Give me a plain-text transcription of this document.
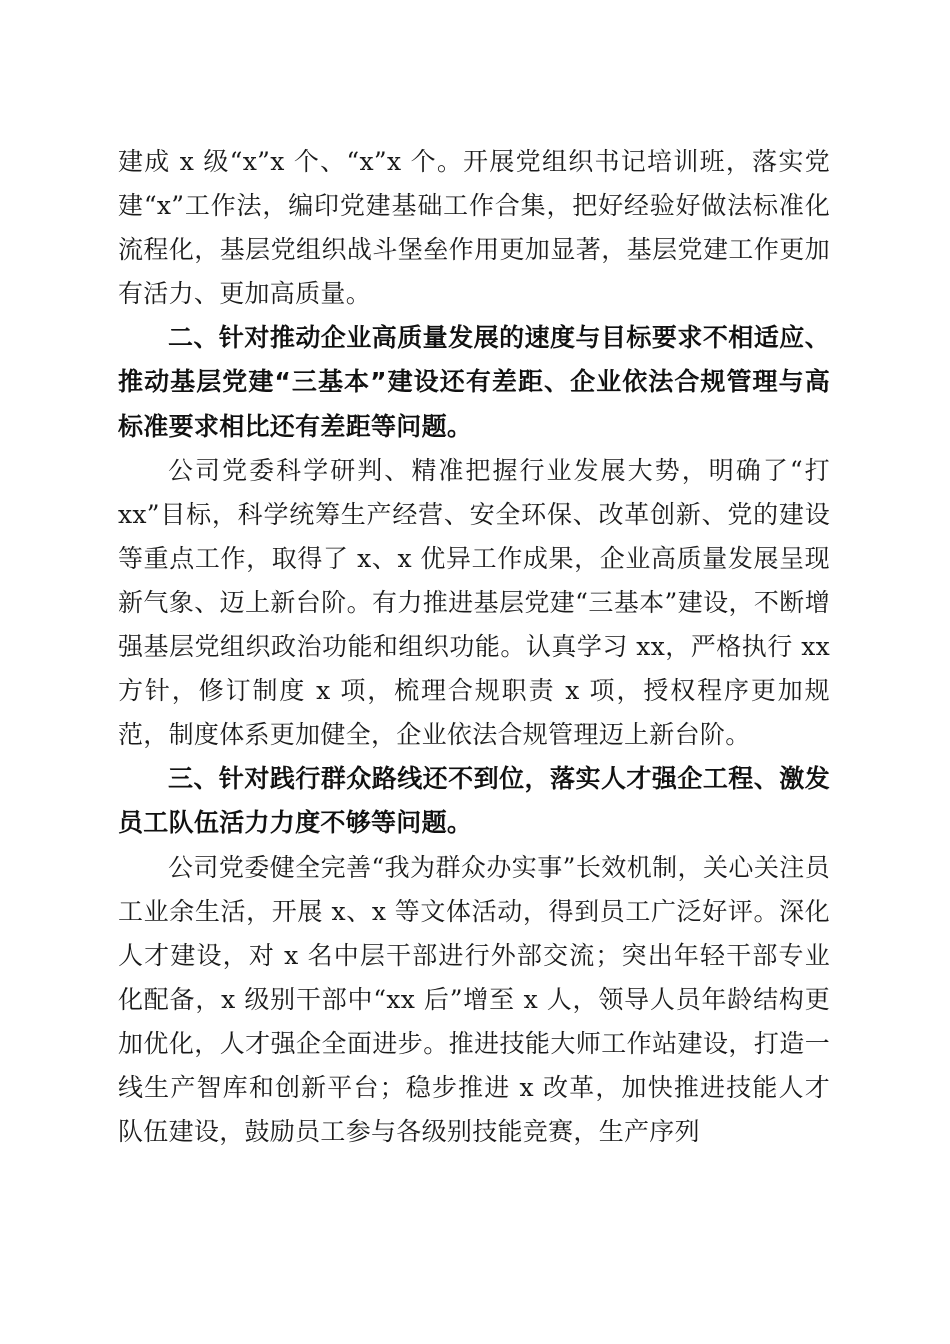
建成 x 级“x”x 个、“x”x 个。开展党组织书记培训班，落实党建“x”工作法，编印党建基础工作合集，把好经验好做法标准化流程化，基层党组织战斗堡垒作用更加显著，基层党建工作更加有活力、更加高质量。

二、针对推动企业高质量发展的速度与目标要求不相适应、推动基层党建“三基本”建设还有差距、企业依法合规管理与高标准要求相比还有差距等问题。

公司党委科学研判、精准把握行业发展大势，明确了“打xx”目标，科学统筹生产经营、安全环保、改革创新、党的建设等重点工作，取得了 x、x 优异工作成果，企业高质量发展呈现新气象、迈上新台阶。有力推进基层党建“三基本”建设，不断增强基层党组织政治功能和组织功能。认真学习 xx，严格执行 xx 方针，修订制度 x 项，梳理合规职责 x 项，授权程序更加规范，制度体系更加健全，企业依法合规管理迈上新台阶。

三、针对践行群众路线还不到位，落实人才强企工程、激发员工队伍活力力度不够等问题。

公司党委健全完善“我为群众办实事”长效机制，关心关注员工业余生活，开展 x、x 等文体活动，得到员工广泛好评。深化人才建设，对 x 名中层干部进行外部交流；突出年轻干部专业化配备，x 级别干部中“xx 后”增至 x 人，领导人员年龄结构更加优化，人才强企全面进步。推进技能大师工作站建设，打造一线生产智库和创新平台；稳步推进 x 改革，加快推进技能人才队伍建设，鼓励员工参与各级别技能竞赛，生产序列
